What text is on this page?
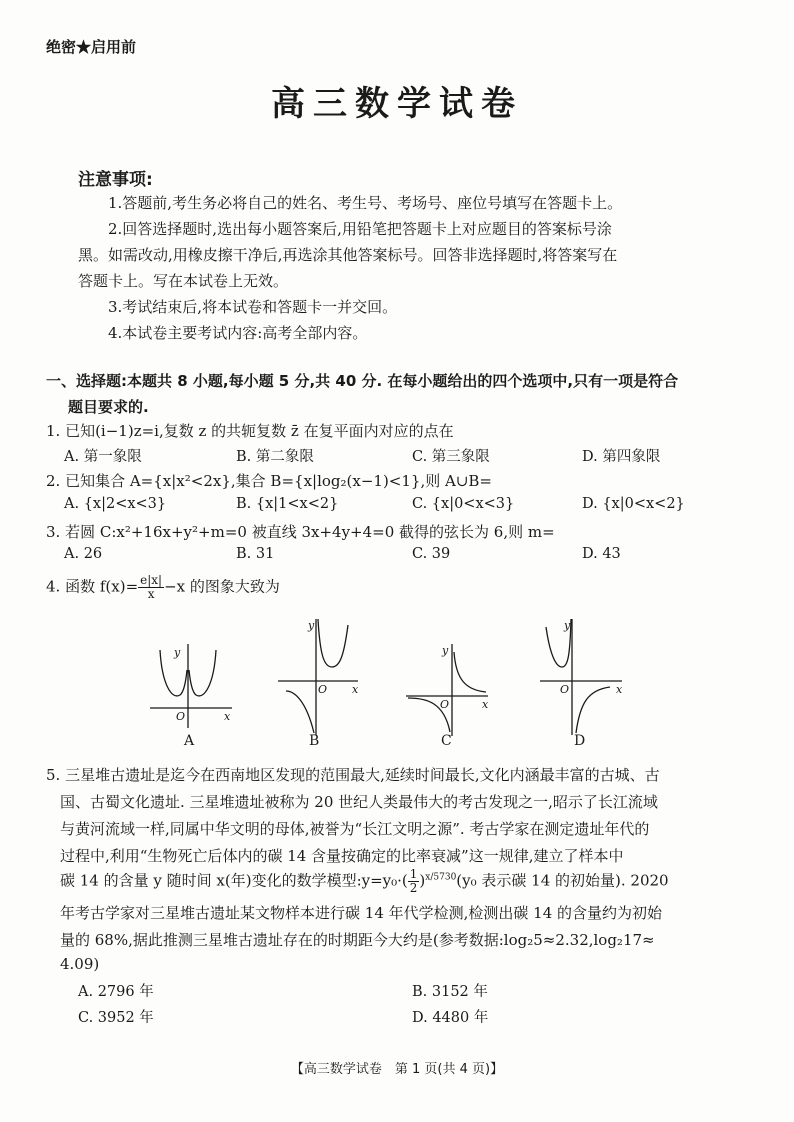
绝密★启用前
高三数学试卷
注意事项:
1.答题前,考生务必将自己的姓名、考生号、考场号、座位号填写在答题卡上。
2.回答选择题时,选出每小题答案后,用铅笔把答题卡上对应题目的答案标号涂
黑。如需改动,用橡皮擦干净后,再选涂其他答案标号。回答非选择题时,将答案写在
答题卡上。写在本试卷上无效。
3.考试结束后,将本试卷和答题卡一并交回。
4.本试卷主要考试内容:高考全部内容。
一、选择题:本题共 8 小题,每小题 5 分,共 40 分. 在每小题给出的四个选项中,只有一项是符合
题目要求的.
1. 已知(i−1)z=i,复数 z 的共轭复数 z̄ 在复平面内对应的点在
A. 第一象限	B. 第二象限	C. 第三象限	D. 第四象限
2. 已知集合 A={x|x²<2x},集合 B={x|log₂(x−1)<1},则 A∪B=
A. {x|2<x<3}	B. {x|1<x<2}	C. {x|0<x<3}	D. {x|0<x<2}
3. 若圆 C:x²+16x+y²+m=0 被直线 3x+4y+4=0 截得的弦长为 6,则 m=
A. 26	B. 31	C. 39	D. 43
4. 函数 $f(x)= \frac{e|x|}{x} -x$ 的图象大致为
y
x
O
A
y
x
O
B
y
x
O
C
y
x
O
D
5. 三星堆古遗址是迄今在西南地区发现的范围最大,延续时间最长,文化内涵最丰富的古城、古
国、古蜀文化遗址. 三星堆遗址被称为 20 世纪人类最伟大的考古发现之一,昭示了长江流域
与黄河流域一样,同属中华文明的母体,被誉为“长江文明之源”. 考古学家在测定遗址年代的
过程中,利用“生物死亡后体内的碳 14 含量按确定的比率衰减”这一规律,建立了样本中
碳 14 的含量 y 随时间 x(年)变化的数学模型:y=y₀·( $\frac{1}{2} )^{x/5730}(y_0$ 表示碳 14 的初始量). 2020
年考古学家对三星堆古遗址某文物样本进行碳 14 年代学检测,检测出碳 14 的含量约为初始
量的 68%,据此推测三星堆古遗址存在的时期距今大约是(参考数据:log₂5≈2.32,log₂17≈
4.09)
A. 2796 年	B. 3152 年
C. 3952 年	D. 4480 年
【高三数学试卷　第 1 页(共 4 页)】
